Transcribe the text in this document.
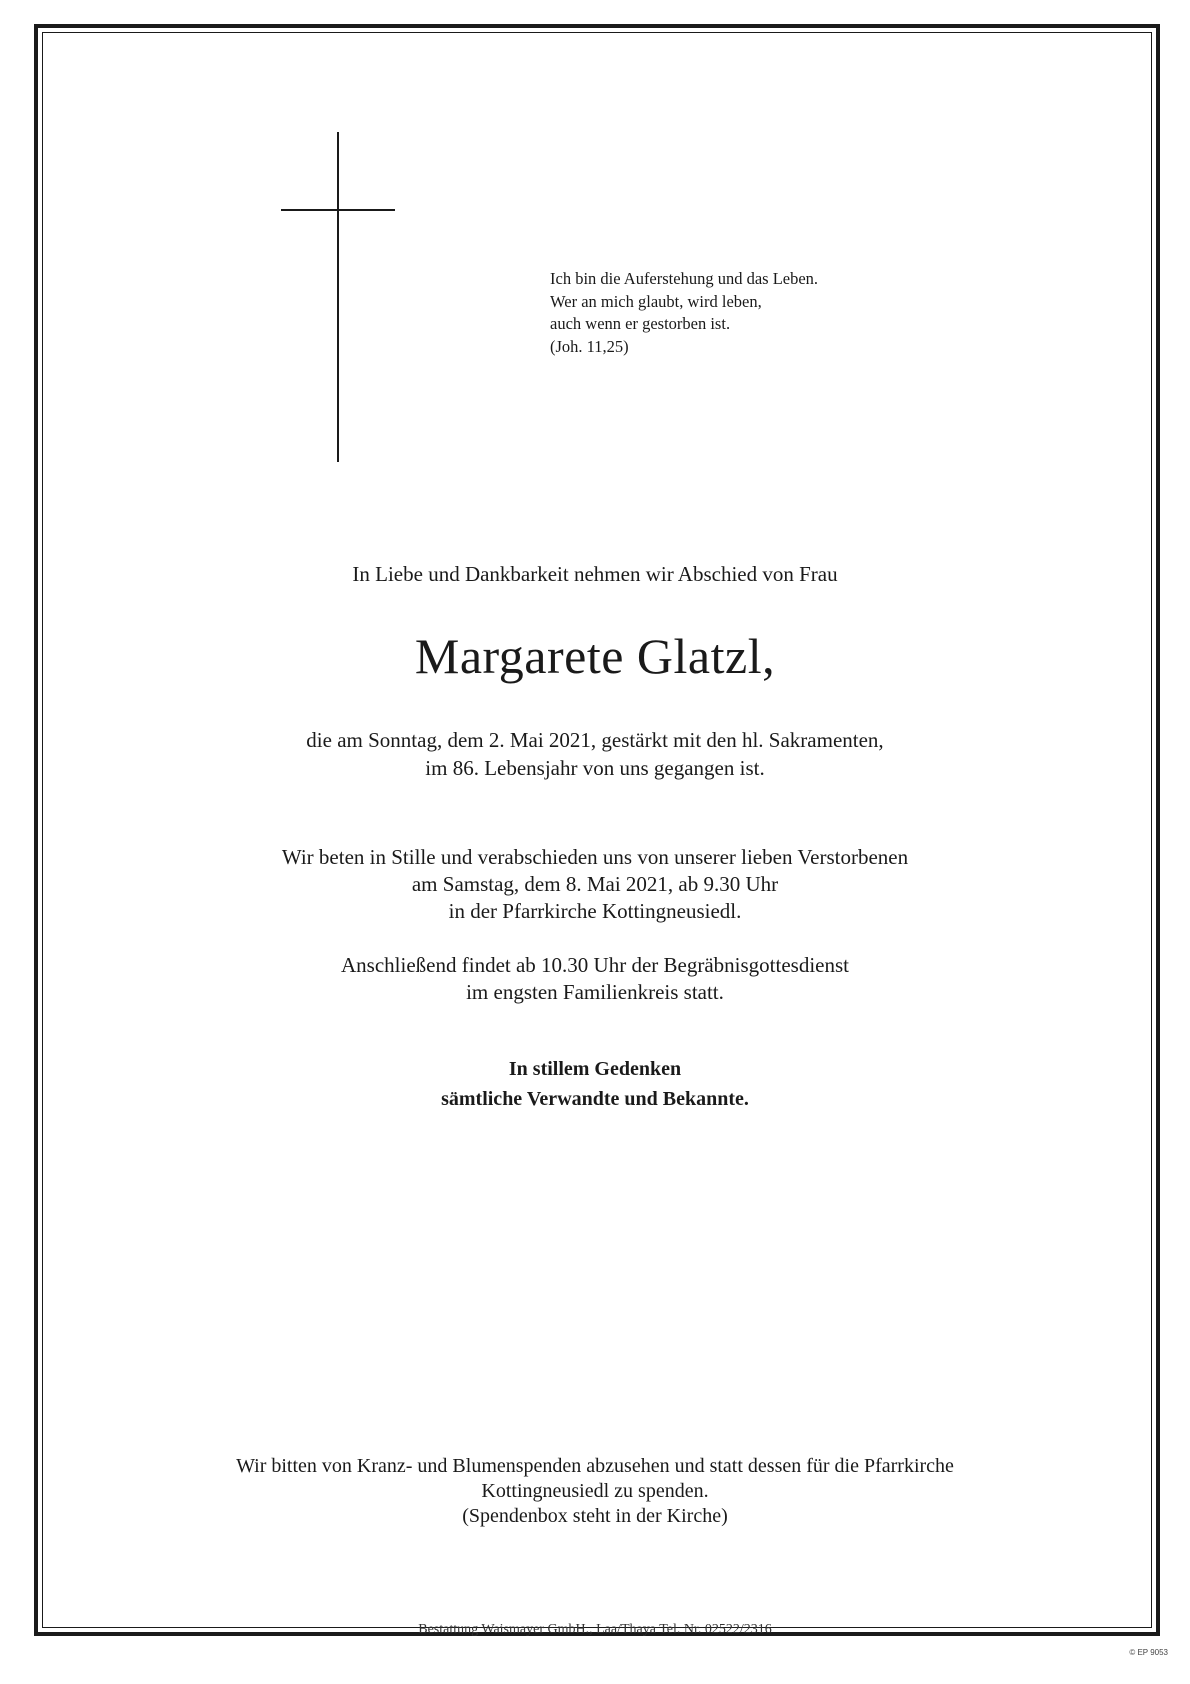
Ich bin die Auferstehung und das Leben.
Wer an mich glaubt, wird leben,
auch wenn er gestorben ist.
(Joh. 11,25)
In Liebe und Dankbarkeit nehmen wir Abschied von Frau
Margarete Glatzl,
die am Sonntag, dem 2. Mai 2021, gestärkt mit den hl. Sakramenten,
im 86. Lebensjahr von uns gegangen ist.
Wir beten in Stille und verabschieden uns von unserer lieben Verstorbenen
am Samstag, dem 8. Mai 2021, ab 9.30 Uhr
in der Pfarrkirche Kottingneusiedl.
Anschließend findet ab 10.30 Uhr der Begräbnisgottesdienst
im engsten Familienkreis statt.
In stillem Gedenken
sämtliche Verwandte und Bekannte.
Wir bitten von Kranz- und Blumenspenden abzusehen und statt dessen für die Pfarrkirche
Kottingneusiedl zu spenden.
(Spendenbox steht in der Kirche)
Bestattung Waismayer GmbH., Laa/Thaya Tel. Nr. 02522/2316
© EP 9053
